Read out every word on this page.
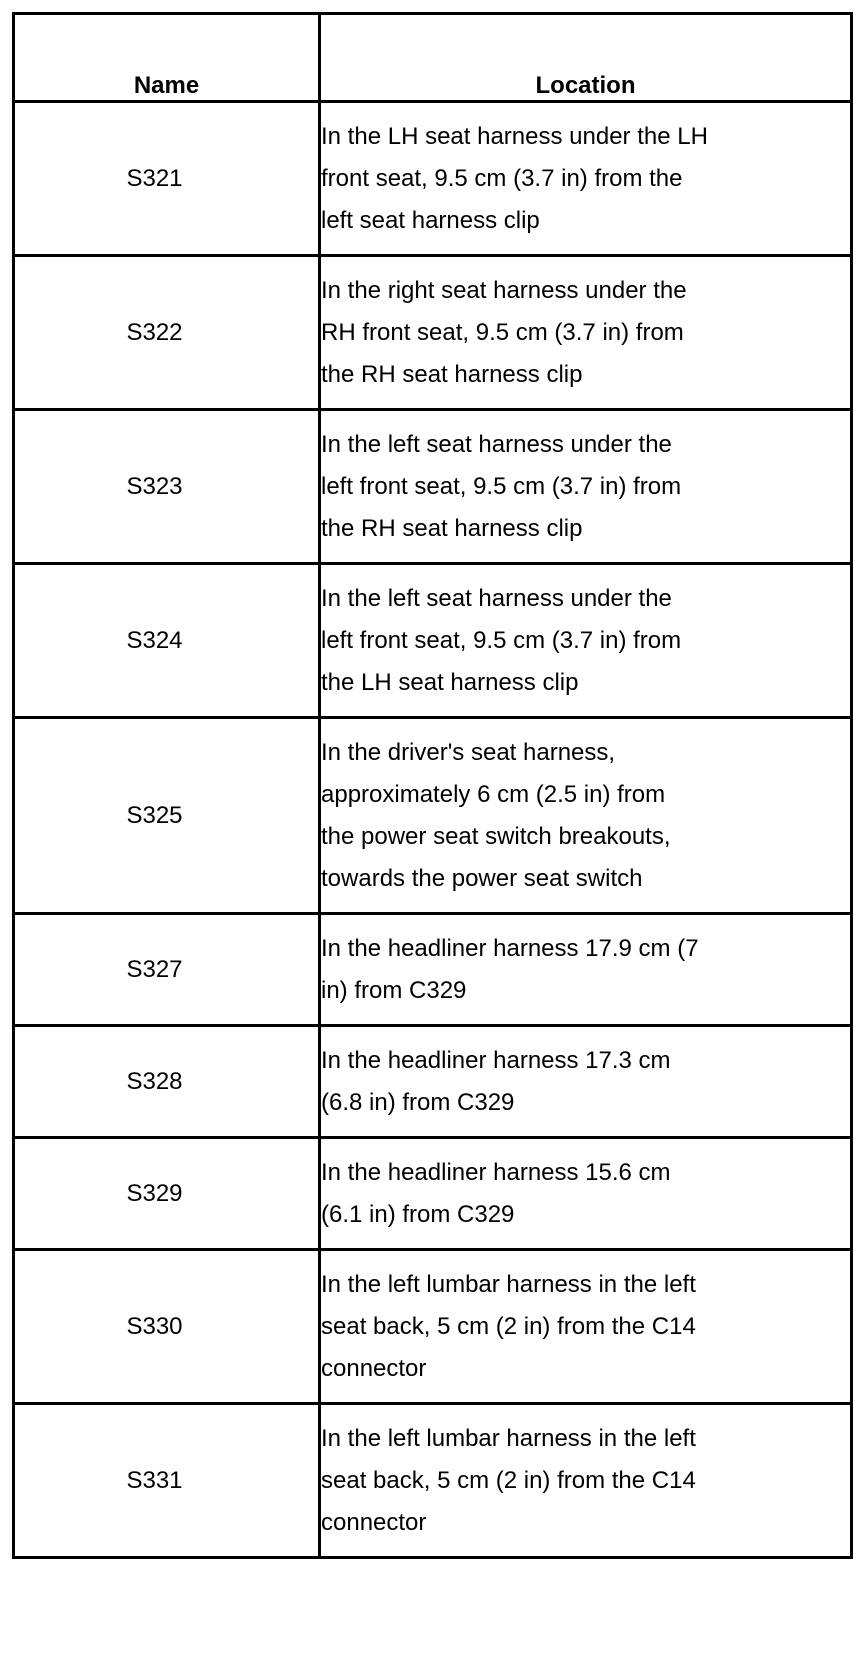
Name	Location
S321	In the LH seat harness under the LH
front seat, 9.5 cm (3.7 in) from the
left seat harness clip

S322	In the right seat harness under the
RH front seat, 9.5 cm (3.7 in) from
the RH seat harness clip

S323	In the left seat harness under the
left front seat, 9.5 cm (3.7 in) from
the RH seat harness clip

S324	In the left seat harness under the
left front seat, 9.5 cm (3.7 in) from
the LH seat harness clip

S325	In the driver's seat harness,
approximately 6 cm (2.5 in) from
the power seat switch breakouts,
towards the power seat switch

S327	In the headliner harness 17.9 cm (7
in) from C329

S328	In the headliner harness 17.3 cm
(6.8 in) from C329

S329	In the headliner harness 15.6 cm
(6.1 in) from C329

S330	In the left lumbar harness in the left
seat back, 5 cm (2 in) from the C14
connector

S331	In the left lumbar harness in the left
seat back, 5 cm (2 in) from the C14
connector
